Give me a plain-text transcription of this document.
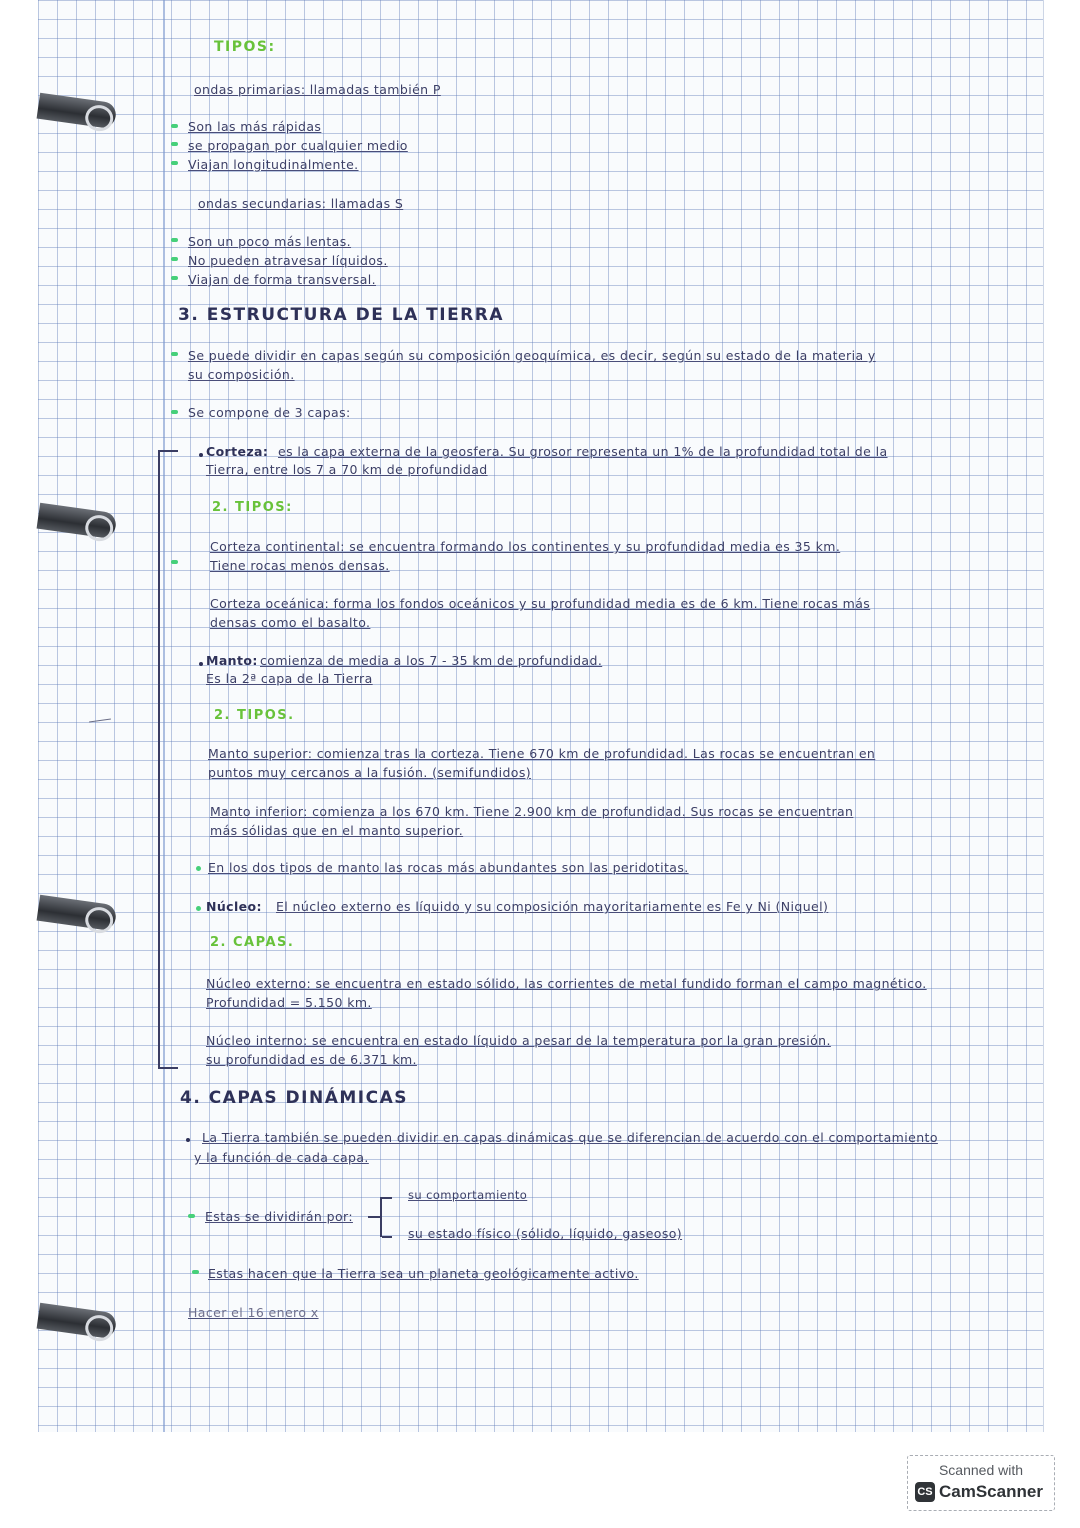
TIPOS:
ondas primarias: llamadas también P
Son las más rápidas
se propagan por cualquier medio
Viajan longitudinalmente.
ondas secundarias: llamadas S
Son un poco más lentas.
No pueden atravesar líquidos.
Viajan de forma transversal.
3. ESTRUCTURA DE LA TIERRA
Se puede dividir en capas según su composición geoquímica, es decir, según su estado de la materia y
su composición.
Se compone de 3 capas:
Corteza: es la capa externa de la geosfera. Su grosor representa un 1% de la profundidad total de la
Tierra, entre los 7 a 70 km de profundidad
2. TIPOS:
Corteza continental: se encuentra formando los continentes y su profundidad media es 35 km.
Tiene rocas menos densas.
Corteza oceánica: forma los fondos oceánicos y su profundidad media es de 6 km. Tiene rocas más
densas como el basalto.
Manto: comienza de media a los 7 - 35 km de profundidad.
Es la 2ª capa de la Tierra
2. TIPOS.
Manto superior: comienza tras la corteza. Tiene 670 km de profundidad. Las rocas se encuentran en
puntos muy cercanos a la fusión. (semifundidos)
Manto inferior: comienza a los 670 km. Tiene 2.900 km de profundidad. Sus rocas se encuentran
más sólidas que en el manto superior.
En los dos tipos de manto las rocas más abundantes son las peridotitas.
Núcleo: El núcleo externo es líquido y su composición mayoritariamente es Fe y Ni (Niquel)
2. CAPAS.
Núcleo externo: se encuentra en estado sólido, las corrientes de metal fundido forman el campo magnético.
Profundidad = 5.150 km.
Núcleo interno: se encuentra en estado líquido a pesar de la temperatura por la gran presión.
su profundidad es de 6.371 km.
4. CAPAS DINÁMICAS
La Tierra también se pueden dividir en capas dinámicas que se diferencian de acuerdo con el comportamiento
y la función de cada capa.
Estas se dividirán por:
su comportamiento
su estado físico (sólido, líquido, gaseoso)
Estas hacen que la Tierra sea un planeta geológicamente activo.
Hacer el 16 enero x
Scanned with
CS CamScanner
